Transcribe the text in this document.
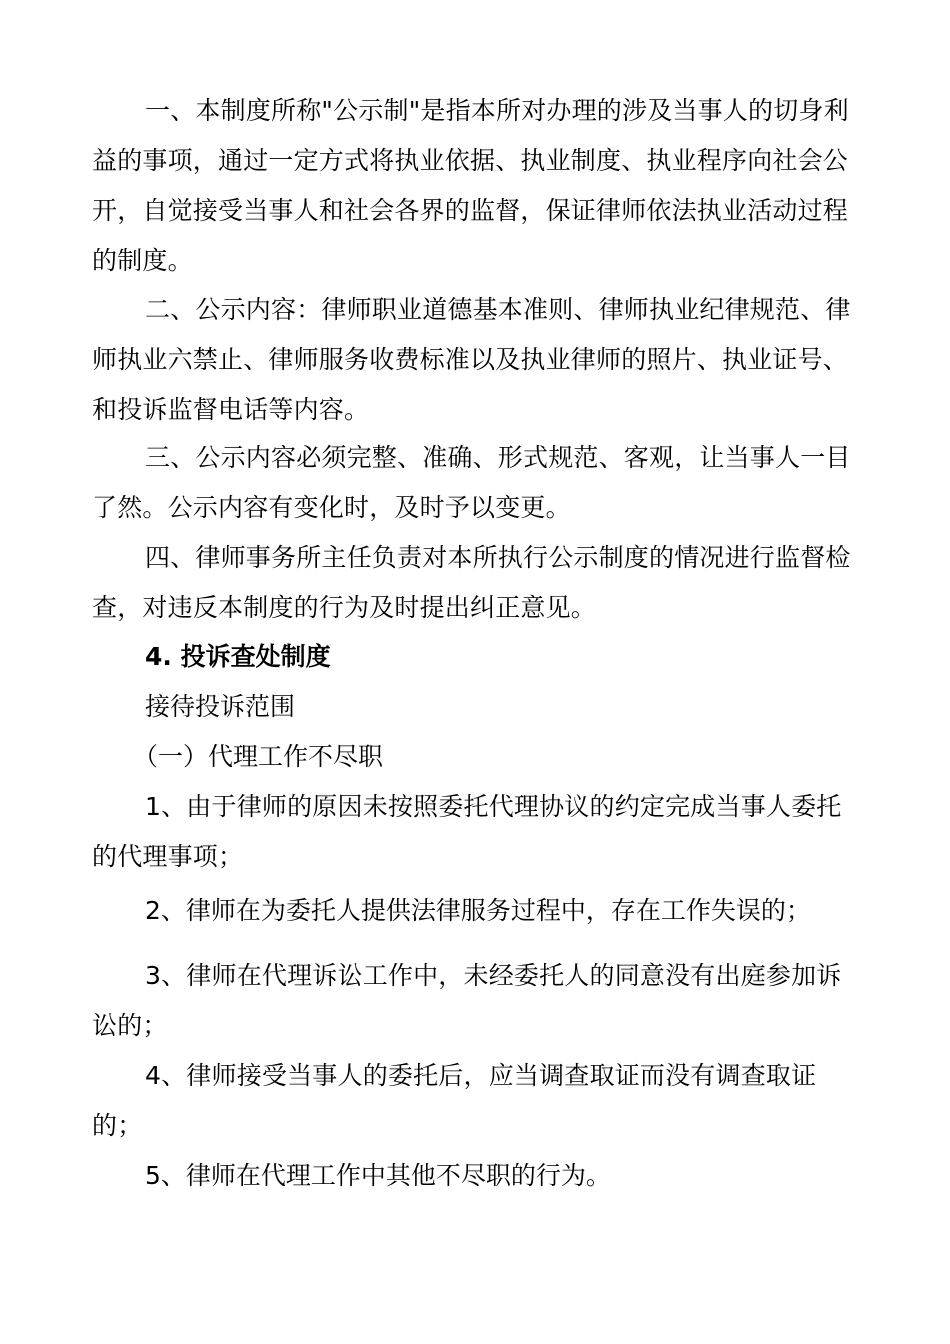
一、本制度所称"公示制"是指本所对办理的涉及当事人的切身利益的事项，通过一定方式将执业依据、执业制度、执业程序向社会公开，自觉接受当事人和社会各界的监督，保证律师依法执业活动过程的制度。
二、公示内容：律师职业道德基本准则、律师执业纪律规范、律师执业六禁止、律师服务收费标准以及执业律师的照片、执业证号、和投诉监督电话等内容。
三、公示内容必须完整、准确、形式规范、客观，让当事人一目了然。公示内容有变化时，及时予以变更。
四、律师事务所主任负责对本所执行公示制度的情况进行监督检查，对违反本制度的行为及时提出纠正意见。
4. 投诉查处制度
接待投诉范围
（一）代理工作不尽职
1、由于律师的原因未按照委托代理协议的约定完成当事人委托的代理事项；
2、律师在为委托人提供法律服务过程中，存在工作失误的；
3、律师在代理诉讼工作中，未经委托人的同意没有出庭参加诉讼的；
4、律师接受当事人的委托后，应当调查取证而没有调查取证的；
5、律师在代理工作中其他不尽职的行为。
